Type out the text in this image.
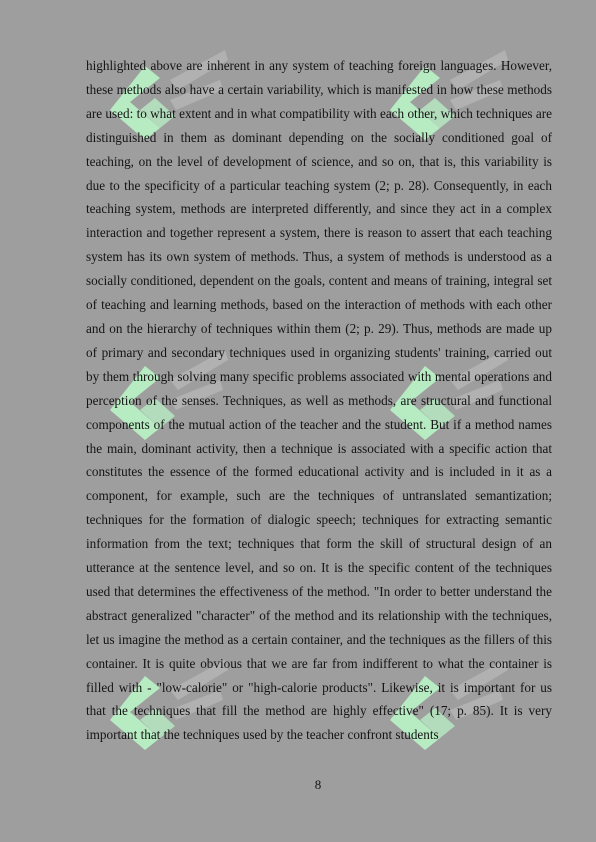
highlighted above are inherent in any system of teaching foreign languages. However, these methods also have a certain variability, which is manifested in how these methods are used: to what extent and in what compatibility with each other, which techniques are distinguished in them as dominant depending on the socially conditioned goal of teaching, on the level of development of science, and so on, that is, this variability is due to the specificity of a particular teaching system (2; p. 28). Consequently, in each teaching system, methods are interpreted differently, and since they act in a complex interaction and together represent a system, there is reason to assert that each teaching system has its own system of methods. Thus, a system of methods is understood as a socially conditioned, dependent on the goals, content and means of training, integral set of teaching and learning methods, based on the interaction of methods with each other and on the hierarchy of techniques within them (2; p. 29). Thus, methods are made up of primary and secondary techniques used in organizing students' training, carried out by them through solving many specific problems associated with mental operations and perception of the senses. Techniques, as well as methods, are structural and functional components of the mutual action of the teacher and the student. But if a method names the main, dominant activity, then a technique is associated with a specific action that constitutes the essence of the formed educational activity and is included in it as a component, for example, such are the techniques of untranslated semantization; techniques for the formation of dialogic speech; techniques for extracting semantic information from the text; techniques that form the skill of structural design of an utterance at the sentence level, and so on. It is the specific content of the techniques used that determines the effectiveness of the method. "In order to better understand the abstract generalized "character" of the method and its relationship with the techniques, let us imagine the method as a certain container, and the techniques as the fillers of this container. It is quite obvious that we are far from indifferent to what the container is filled with - "low-calorie" or "high-calorie products". Likewise, it is important for us that the techniques that fill the method are highly effective" (17; p. 85). It is very important that the techniques used by the teacher confront students

8
